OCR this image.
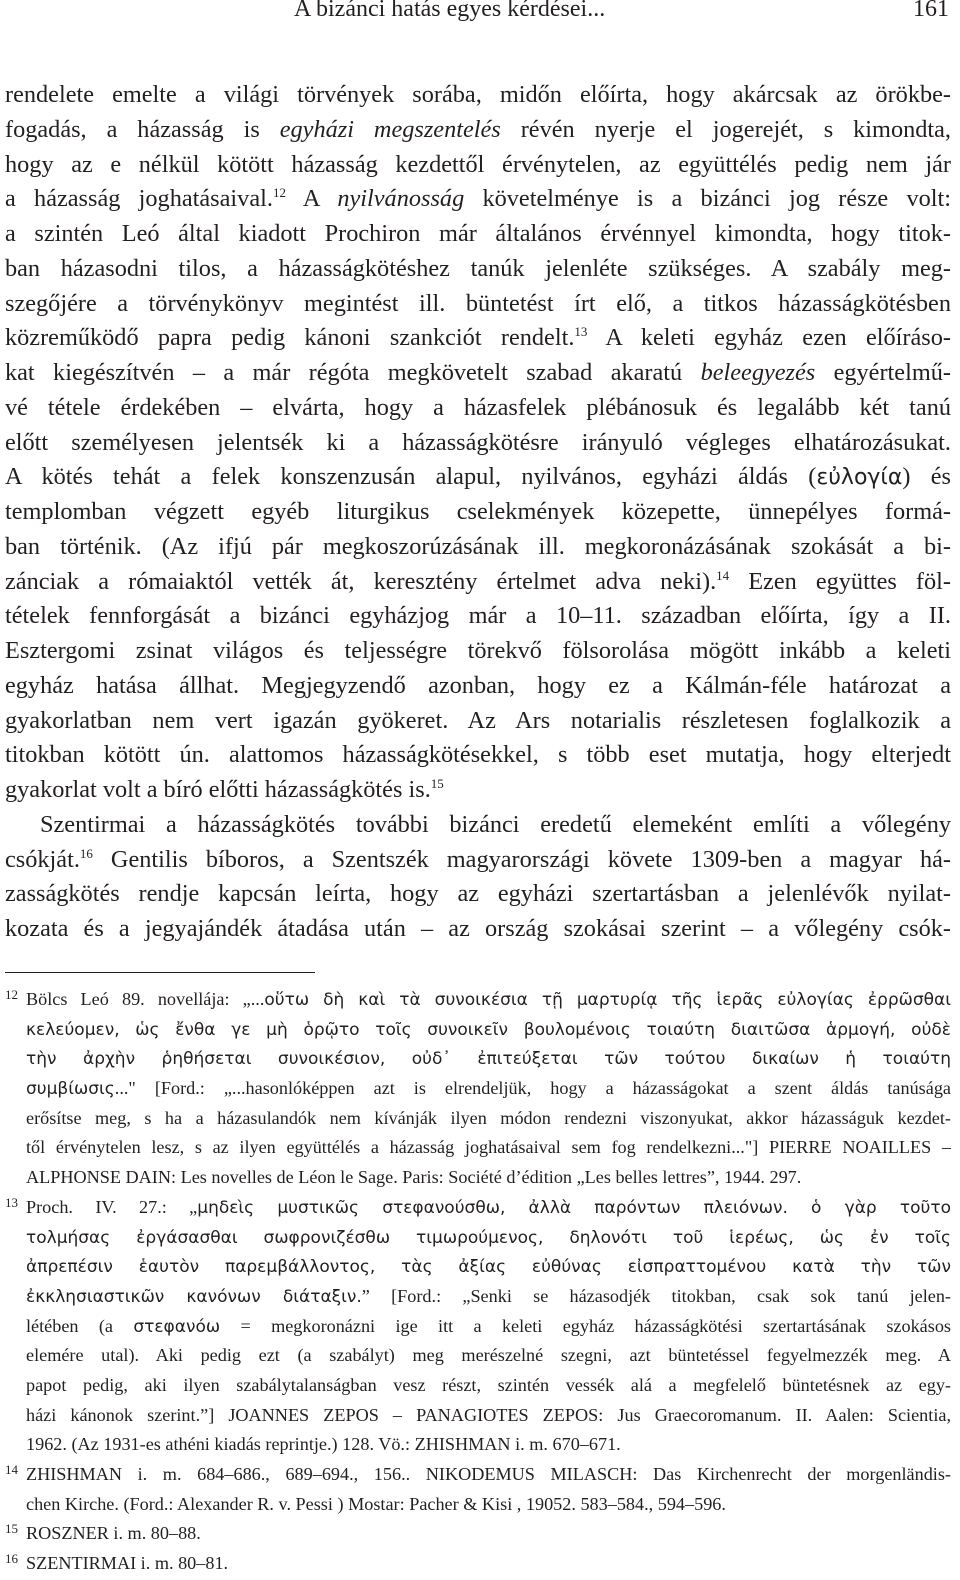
A bizánci hatás egyes kérdései...	161

rendelete emelte a világi törvények sorába, midőn előírta, hogy akárcsak az örökbe-
fogadás, a házasság is egyházi megszentelés révén nyerje el jogerejét, s kimondta,
hogy az e nélkül kötött házasság kezdettől érvénytelen, az együttélés pedig nem jár
a házasság joghatásaival.$^{12}$ A nyilvánosság követelménye is a bizánci jog része volt:
a szintén Leó által kiadott Prochiron már általános érvénnyel kimondta, hogy titok-
ban házasodni tilos, a házasságkötéshez tanúk jelenléte szükséges. A szabály meg-
szegőjére a törvénykönyv megintést ill. büntetést írt elő, a titkos házasságkötésben
közreműködő papra pedig kánoni szankciót rendelt.$^{13}$ A keleti egyház ezen előíráso-
kat kiegészítvén – a már régóta megkövetelt szabad akaratú beleegyezés egyértelmű-
vé tétele érdekében – elvárta, hogy a házasfelek plébánosuk és legalább két tanú
előtt személyesen jelentsék ki a házasságkötésre irányuló végleges elhatározásukat.
A kötés tehát a felek konszenzusán alapul, nyilvános, egyházi áldás (εὐλογία) és
templomban végzett egyéb liturgikus cselekmények közepette, ünnepélyes formá-
ban történik. (Az ifjú pár megkoszorúzásának ill. megkoronázásának szokását a bi-
zánciak a rómaiaktól vették át, keresztény értelmet adva neki).$^{14}$ Ezen együttes föl-
tételek fennforgását a bizánci egyházjog már a 10–11. században előírta, így a II.
Esztergomi zsinat világos és teljességre törekvő fölsorolása mögött inkább a keleti
egyház hatása állhat. Megjegyzendő azonban, hogy ez a Kálmán-féle határozat a
gyakorlatban nem vert igazán gyökeret. Az Ars notarialis részletesen foglalkozik a
titokban kötött ún. alattomos házasságkötésekkel, s több eset mutatja, hogy elterjedt
gyakorlat volt a bíró előtti házasságkötés is.$^{15}$

Szentirmai a házasságkötés további bizánci eredetű elemeként említi a vőlegény
csókját.$^{16}$ Gentilis bíboros, a Szentszék magyarországi követe 1309-ben a magyar há-
zasságkötés rendje kapcsán leírta, hogy az egyházi szertartásban a jelenlévők nyilat-
kozata és a jegyajándék átadása után – az ország szokásai szerint – a vőlegény csók-

12 Bölcs Leó 89. novellája: „...οὕτω δὴ καὶ τὰ συνοικέσια τῇ μαρτυρίᾳ τῆς ἱερᾶς εὐλογίας ἐρρῶσθαι
κελεύομεν, ὡς ἔνθα γε μὴ ὁρῷτο τοῖς συνοικεῖν βουλομένοις τοιαύτη διαιτῶσα ἁρμογή, οὐδὲ
τὴν ἀρχὴν ῥηθήσεται συνοικέσιον, οὐδ᾽ ἐπιτεύξεται τῶν τούτου δικαίων ἡ τοιαύτη
συμβίωσις..." [Ford.: „...hasonlóképpen azt is elrendeljük, hogy a házasságokat a szent áldás tanúsága
erősítse meg, s ha a házasulandók nem kívánják ilyen módon rendezni viszonyukat, akkor házasságuk kezdet-
től érvénytelen lesz, s az ilyen együttélés a házasság joghatásaival sem fog rendelkezni..."] PIERRE NOAILLES –
ALPHONSE DAIN: Les novelles de Léon le Sage. Paris: Société d’édition „Les belles lettres”, 1944. 297.
13 Proch. IV. 27.: „μηδεὶς μυστικῶς στεφανούσθω, ἀλλὰ παρόντων πλειόνων. ὁ γὰρ τοῦτο
τολμήσας ἐργάσασθαι σωφρονιζέσθω τιμωρούμενος, δηλονότι τοῦ ἱερέως, ὡς ἐν τοῖς
ἀπρεπέσιν ἑαυτὸν παρεμβάλλοντος, τὰς ἀξίας εὐθύνας εἰσπραττομένου κατὰ τὴν τῶν
ἐκκλησιαστικῶν κανόνων διάταξιν.” [Ford.: „Senki se házasodjék titokban, csak sok tanú jelen-
létében (a στεφανόω = megkoronázni ige itt a keleti egyház házasságkötési szertartásának szokásos
elemére utal). Aki pedig ezt (a szabályt) meg merészelné szegni, azt büntetéssel fegyelmezzék meg. A
papot pedig, aki ilyen szabálytalanságban vesz részt, szintén vessék alá a megfelelő büntetésnek az egy-
házi kánonok szerint.”] JOANNES ZEPOS – PANAGIOTES ZEPOS: Jus Graecoromanum. II. Aalen: Scientia,
1962. (Az 1931-es athéni kiadás reprintje.) 128. Vö.: ZHISHMAN i. m. 670–671.
14 ZHISHMAN i. m. 684–686., 689–694., 156.. NIKODEMUS MILASCH: Das Kirchenrecht der morgenländis-
chen Kirche. (Ford.: Alexander R. v. Pessi ) Mostar: Pacher & Kisi , 19052. 583–584., 594–596.
15 ROSZNER i. m. 80–88.
16 SZENTIRMAI i. m. 80–81.
